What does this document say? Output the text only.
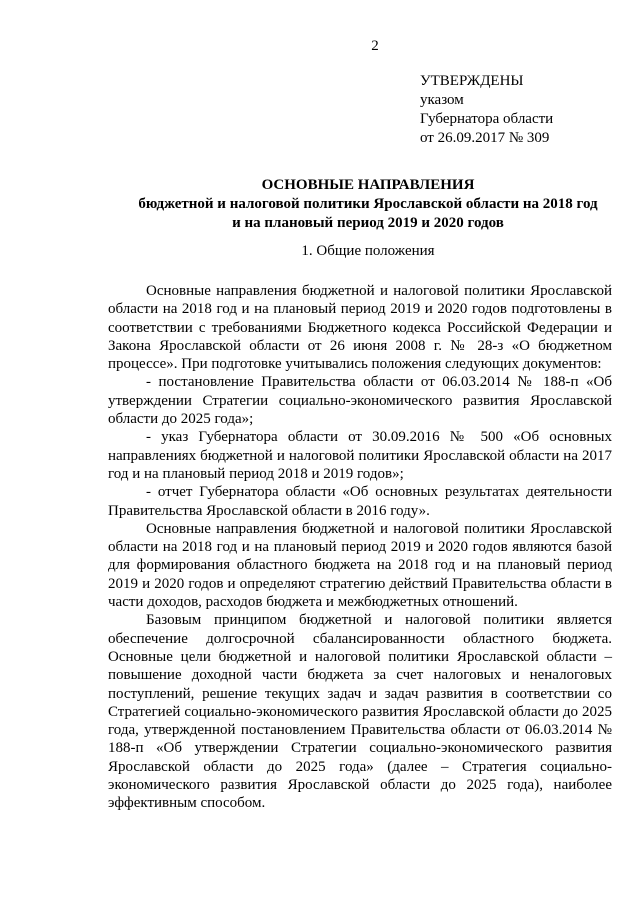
2
УТВЕРЖДЕНЫ
указом
Губернатора области
от 26.09.2017 № 309
ОСНОВНЫЕ НАПРАВЛЕНИЯ
бюджетной и налоговой политики Ярославской области на 2018 год
и на плановый период 2019 и 2020 годов
1. Общие положения

Основные направления бюджетной и налоговой политики Ярославской области на 2018 год и на плановый период 2019 и 2020 годов подготовлены в соответствии с требованиями Бюджетного кодекса Российской Федерации и Закона Ярославской области от 26 июня 2008 г. № 28-з «О бюджетном процессе». При подготовке учитывались положения следующих документов:

- постановление Правительства области от 06.03.2014 № 188-п «Об утверждении Стратегии социально-экономического развития Ярославской области до 2025 года»;

- указ Губернатора области от 30.09.2016 № 500 «Об основных направлениях бюджетной и налоговой политики Ярославской области на 2017 год и на плановый период 2018 и 2019 годов»;

- отчет Губернатора области «Об основных результатах деятельности Правительства Ярославской области в 2016 году».

Основные направления бюджетной и налоговой политики Ярославской области на 2018 год и на плановый период 2019 и 2020 годов являются базой для формирования областного бюджета на 2018 год и на плановый период 2019 и 2020 годов и определяют стратегию действий Правительства области в части доходов, расходов бюджета и межбюджетных отношений.

Базовым принципом бюджетной и налоговой политики является обеспечение долгосрочной сбалансированности областного бюджета. Основные цели бюджетной и налоговой политики Ярославской области – повышение доходной части бюджета за счет налоговых и неналоговых поступлений, решение текущих задач и задач развития в соответствии со Стратегией социально-экономического развития Ярославской области до 2025 года, утвержденной постановлением Правительства области от 06.03.2014 № 188-п «Об утверждении Стратегии социально-экономического развития Ярославской области до 2025 года» (далее – Стратегия социально-экономического развития Ярославской области до 2025 года), наиболее эффективным способом.
